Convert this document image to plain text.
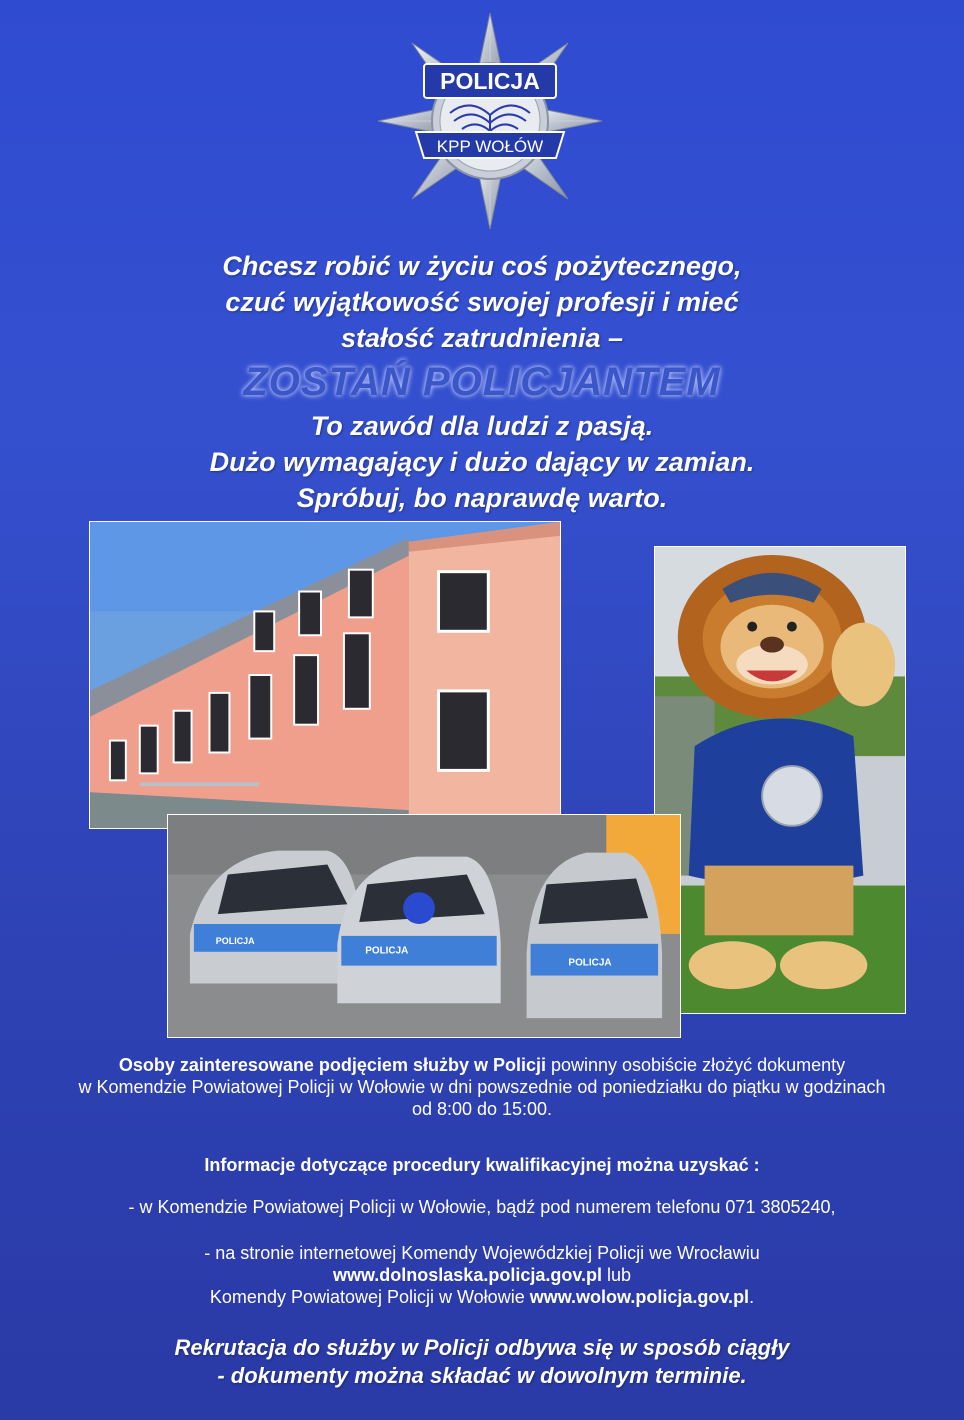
POLICJA
KPP WOŁÓW
Chcesz robić w życiu coś pożytecznego,
czuć wyjątkowość swojej profesji i mieć
stałość zatrudnienia –
ZOSTAŃ POLICJANTEM
To zawód dla ludzi z pasją.
Dużo wymagający i dużo dający w zamian.
Spróbuj, bo naprawdę warto.
POLICJA
POLICJA
POLICJA
Osoby zainteresowane podjęciem służby w Policji powinny osobiście złożyć dokumenty
w Komendzie Powiatowej Policji w Wołowie w dni powszednie od poniedziałku do piątku w godzinach
od 8:00 do 15:00.
Informacje dotyczące procedury kwalifikacyjnej można uzyskać :
- w Komendzie Powiatowej Policji w Wołowie, bądź pod numerem telefonu 071 3805240,
- na stronie internetowej Komendy Wojewódzkiej Policji we Wrocławiu
www.dolnoslaska.policja.gov.pl lub
Komendy Powiatowej Policji w Wołowie www.wolow.policja.gov.pl.
Rekrutacja do służby w Policji odbywa się w sposób ciągły
- dokumenty można składać w dowolnym terminie.
